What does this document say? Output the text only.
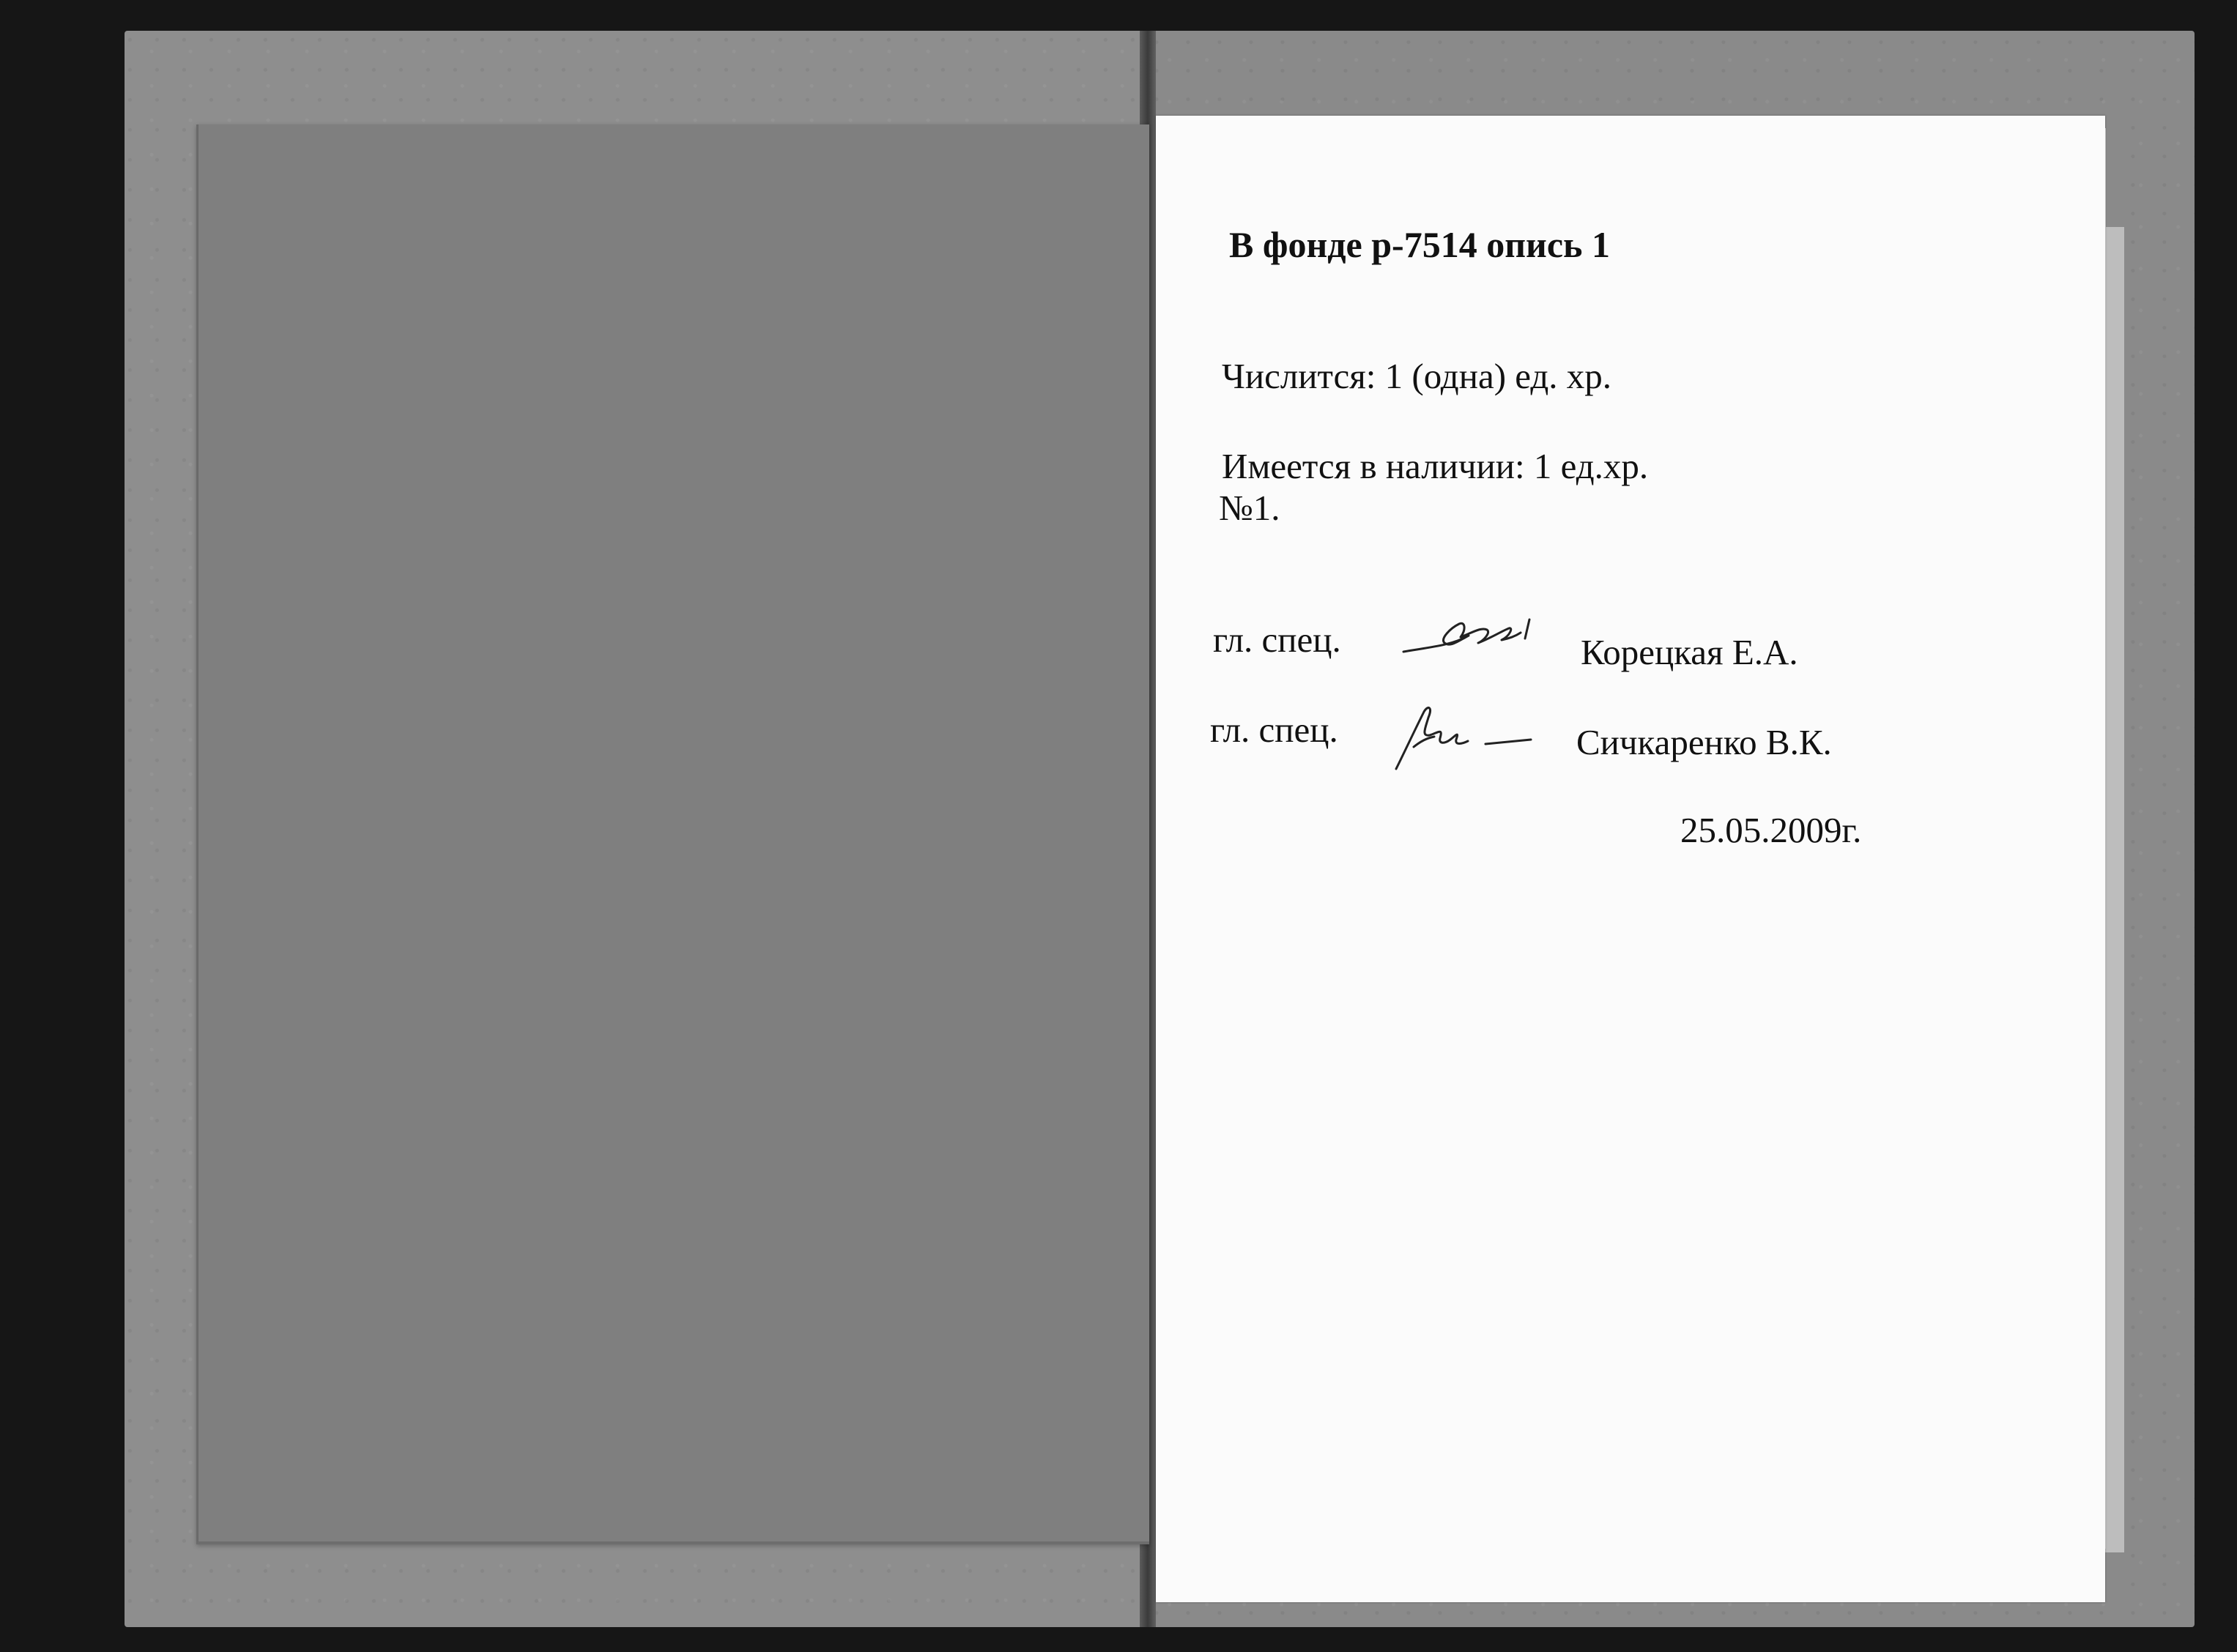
В фонде р-7514 опись 1
Числится: 1 (одна) ед. хр.
Имеется в наличии: 1 ед.хр.
№1.
гл. спец.	Корецкая Е.А.
гл. спец.	Сичкаренко В.К.
25.05.2009г.
